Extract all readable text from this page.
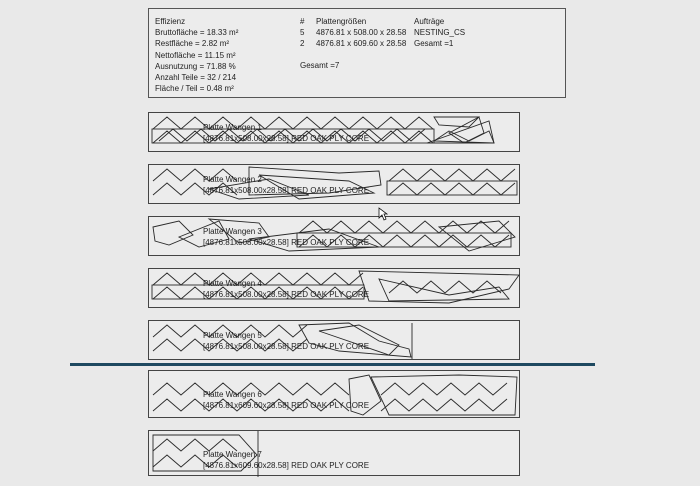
Effizienz
Bruttofläche = 18.33 m²
Restfläche = 2.82 m²
Nettofläche = 11.15 m²
Ausnutzung = 71.88 %
Anzahl Teile = 32 / 214
Fläche / Teil = 0.48 m²
#
5
2
Plattengrößen
4876.81 x 508.00 x 28.58
4876.81 x 609.60 x 28.58
Gesamt =7
Aufträge
NESTING_CS
Gesamt =1
Platte Wangen 1
[4876.81x508.00x28.58] RED OAK PLY CORE
Platte Wangen 2
[4876.81x508.00x28.58] RED OAK PLY CORE
Platte Wangen 3
[4876.81x508.00x28.58] RED OAK PLY CORE
Platte Wangen 4
[4876.81x508.00x28.58] RED OAK PLY CORE
Platte Wangen 5
[4876.81x508.00x28.58] RED OAK PLY CORE
Platte Wangen 6
[4876.81x609.60x28.58] RED OAK PLY CORE
Platte Wangen 7
[4876.81x609.60x28.58] RED OAK PLY CORE
